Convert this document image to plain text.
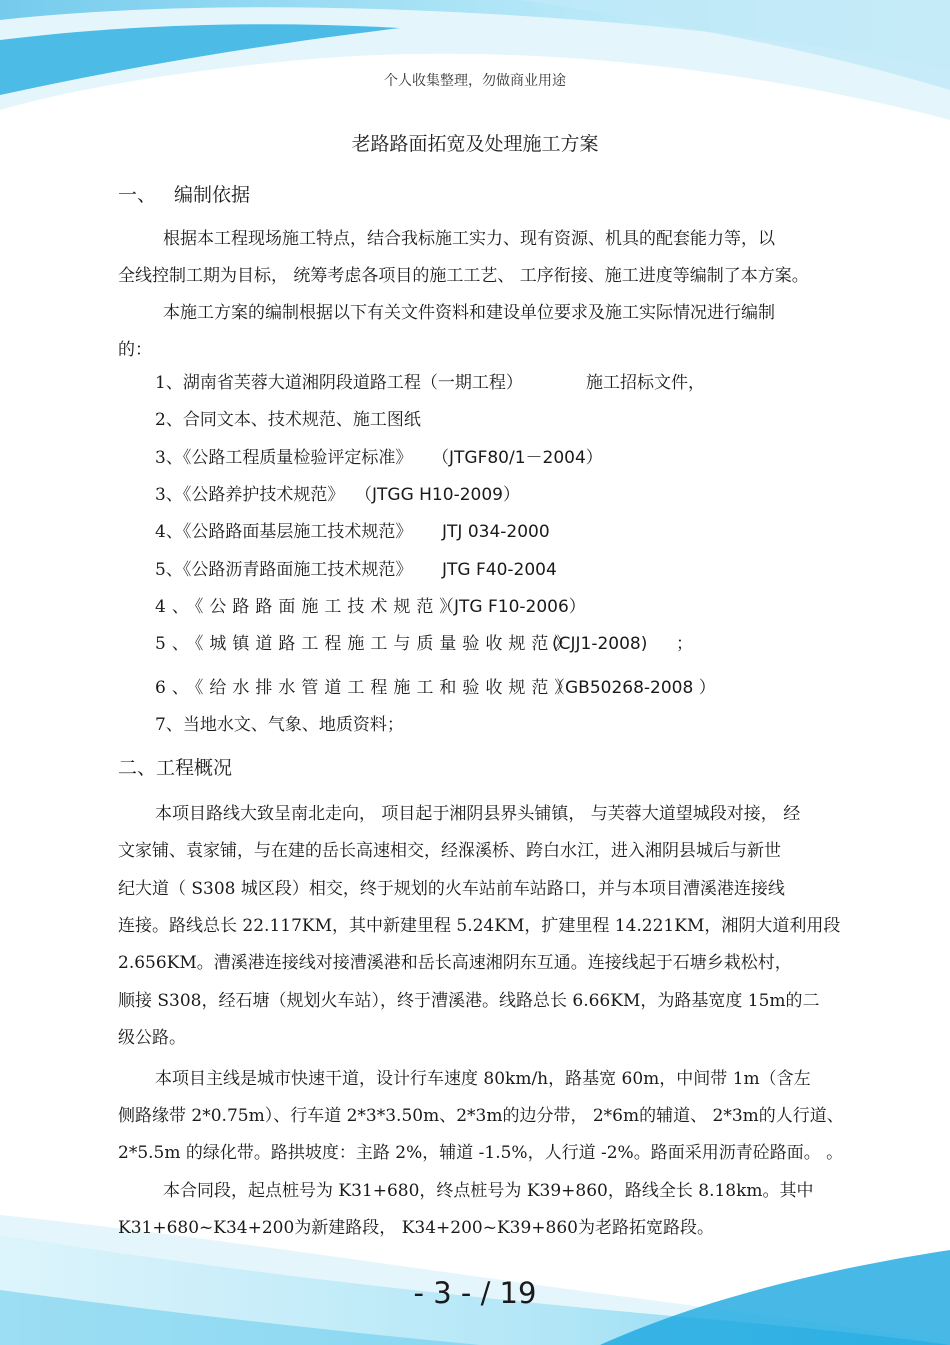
个人收集整理，勿做商业用途
老路路面拓宽及处理施工方案
一、 编制依据
根据本工程现场施工特点，结合我标施工实力、现有资源、机具的配套能力等，以
全线控制工期为目标， 统筹考虑各项目的施工工艺、 工序衔接、施工进度等编制了本方案。
本施工方案的编制根据以下有关文件资料和建设单位要求及施工实际情况进行编制
的：
1、湖南省芙蓉大道湘阴段道路工程（一期工程）	施工招标文件，
2、合同文本、技术规范、施工图纸
3、《公路工程质量检验评定标准》 （JTGF80/1－2004）
3、《公路养护技术规范》 （JTGG H10-2009）
4、《公路路面基层施工技术规范》 JTJ 034-2000
5、《公路沥青路面施工技术规范》 JTG F40-2004
4、《公路路面施工技术规范》
（JTG F10-2006）
5、《城镇道路工程施工与质量验收规范》
(CJJ1-2008) ；
6、《给水排水管道工程施工和验收规范》
（GB50268-2008 ）
7、当地水文、气象、地质资料；
二、工程概况
本项目路线大致呈南北走向， 项目起于湘阴县界头铺镇， 与芙蓉大道望城段对接， 经
文家铺、袁家铺，与在建的岳长高速相交，经湺溪桥、跨白水江，进入湘阴县城后与新世
纪大道（ S308 城区段）相交，终于规划的火车站前车站路口，并与本项目漕溪港连接线
连接。路线总长 22.117KM，其中新建里程 5.24KM，扩建里程 14.221KM，湘阴大道利用段
2.656KM。漕溪港连接线对接漕溪港和岳长高速湘阴东互通。连接线起于石塘乡栽松村，
顺接 S308，经石塘（规划火车站），终于漕溪港。线路总长 6.66KM，为路基宽度 15m的二
级公路。
本项目主线是城市快速干道，设计行车速度 80km/h，路基宽 60m，中间带 1m（含左
侧路缘带 2*0.75m）、行车道 2*3*3.50m、2*3m的边分带， 2*6m的辅道、 2*3m的人行道、
2*5.5m 的绿化带。路拱坡度：主路 2%，辅道 -1.5%，人行道 -2%。路面采用沥青砼路面。 。
本合同段，起点桩号为 K31+680，终点桩号为 K39+860，路线全长 8.18km。其中
K31+680~K34+200为新建路段， K34+200~K39+860为老路拓宽路段。
- 3 - / 19
